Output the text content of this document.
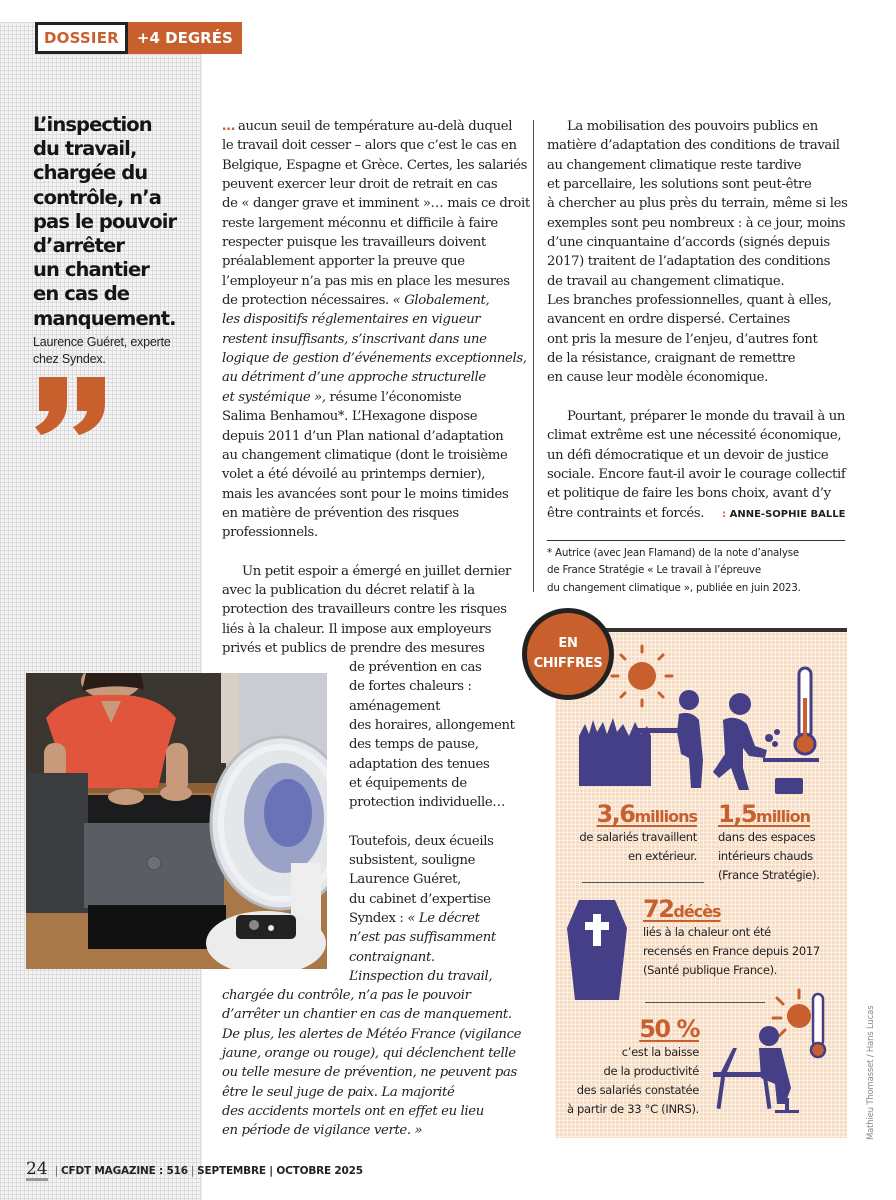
DOSSIER	+4 DEGRÉS
L’inspection
du travail,
chargée du
contrôle, n’a
pas le pouvoir
d’arrêter
un chantier
en cas de
manquement.
Laurence Guéret, experte
chez Syndex.

… aucun seuil de température au-delà duquel

le travail doit cesser – alors que c’est le cas en

Belgique, Espagne et Grèce. Certes, les salariés

peuvent exercer leur droit de retrait en cas

de « danger grave et imminent »… mais ce droit

reste largement méconnu et difficile à faire

respecter puisque les travailleurs doivent

préalablement apporter la preuve que

l’employeur n’a pas mis en place les mesures

de protection nécessaires. « Globalement,

les dispositifs réglementaires en vigueur

restent insuffisants, s’inscrivant dans une

logique de gestion d’événements exceptionnels,

au détriment d’une approche structurelle

et systémique », résume l’économiste

Salima Benhamou*. L’Hexagone dispose

depuis 2011 d’un Plan national d’adaptation

au changement climatique (dont le troisième

volet a été dévoilé au printemps dernier),

mais les avancées sont pour le moins timides

en matière de prévention des risques

professionnels.

Un petit espoir a émergé en juillet dernier

avec la publication du décret relatif à la

protection des travailleurs contre les risques

liés à la chaleur. Il impose aux employeurs

privés et publics de prendre des mesures

de prévention en cas

de fortes chaleurs :

aménagement

des horaires, allongement

des temps de pause,

adaptation des tenues

et équipements de

protection individuelle…

Toutefois, deux écueils

subsistent, souligne

Laurence Guéret,

du cabinet d’expertise

Syndex : « Le décret

n’est pas suffisamment

contraignant.

L’inspection du travail,

chargée du contrôle, n’a pas le pouvoir

d’arrêter un chantier en cas de manquement.

De plus, les alertes de Météo France (vigilance

jaune, orange ou rouge), qui déclenchent telle

ou telle mesure de prévention, ne peuvent pas

être le seul juge de paix. La majorité

des accidents mortels ont en effet eu lieu

en période de vigilance verte. »

La mobilisation des pouvoirs publics en

matière d’adaptation des conditions de travail

au changement climatique reste tardive

et parcellaire, les solutions sont peut-être

à chercher au plus près du terrain, même si les

exemples sont peu nombreux : à ce jour, moins

d’une cinquantaine d’accords (signés depuis

2017) traitent de l’adaptation des conditions

de travail au changement climatique.

Les branches professionnelles, quant à elles,

avancent en ordre dispersé. Certaines

ont pris la mesure de l’enjeu, d’autres font

de la résistance, craignant de remettre

en cause leur modèle économique.

Pourtant, préparer le monde du travail à un

climat extrême est une nécessité économique,

un défi démocratique et un devoir de justice

sociale. Encore faut-il avoir le courage collectif

et politique de faire les bons choix, avant d’y

être contraints et forcés. : ANNE-SOPHIE BALLE

* Autrice (avec Jean Flamand) de la note d’analyse

de France Stratégie « Le travail à l’épreuve

du changement climatique », publiée en juin 2023.

EN
CHIFFRES
3,6millions
de salariés travaillent
en extérieur.
1,5million
dans des espaces
intérieurs chauds
(France Stratégie).
72décès
liés à la chaleur ont été
recensés en France depuis 2017
(Santé publique France).
50 %
c’est la baisse
de la productivité
des salariés constatée
à partir de 33 °C (INRS).	Mathieu Thomasset / Hans Lucas
24 | CFDT MAGAZINE : 516 | SEPTEMBRE | OCTOBRE 2025
